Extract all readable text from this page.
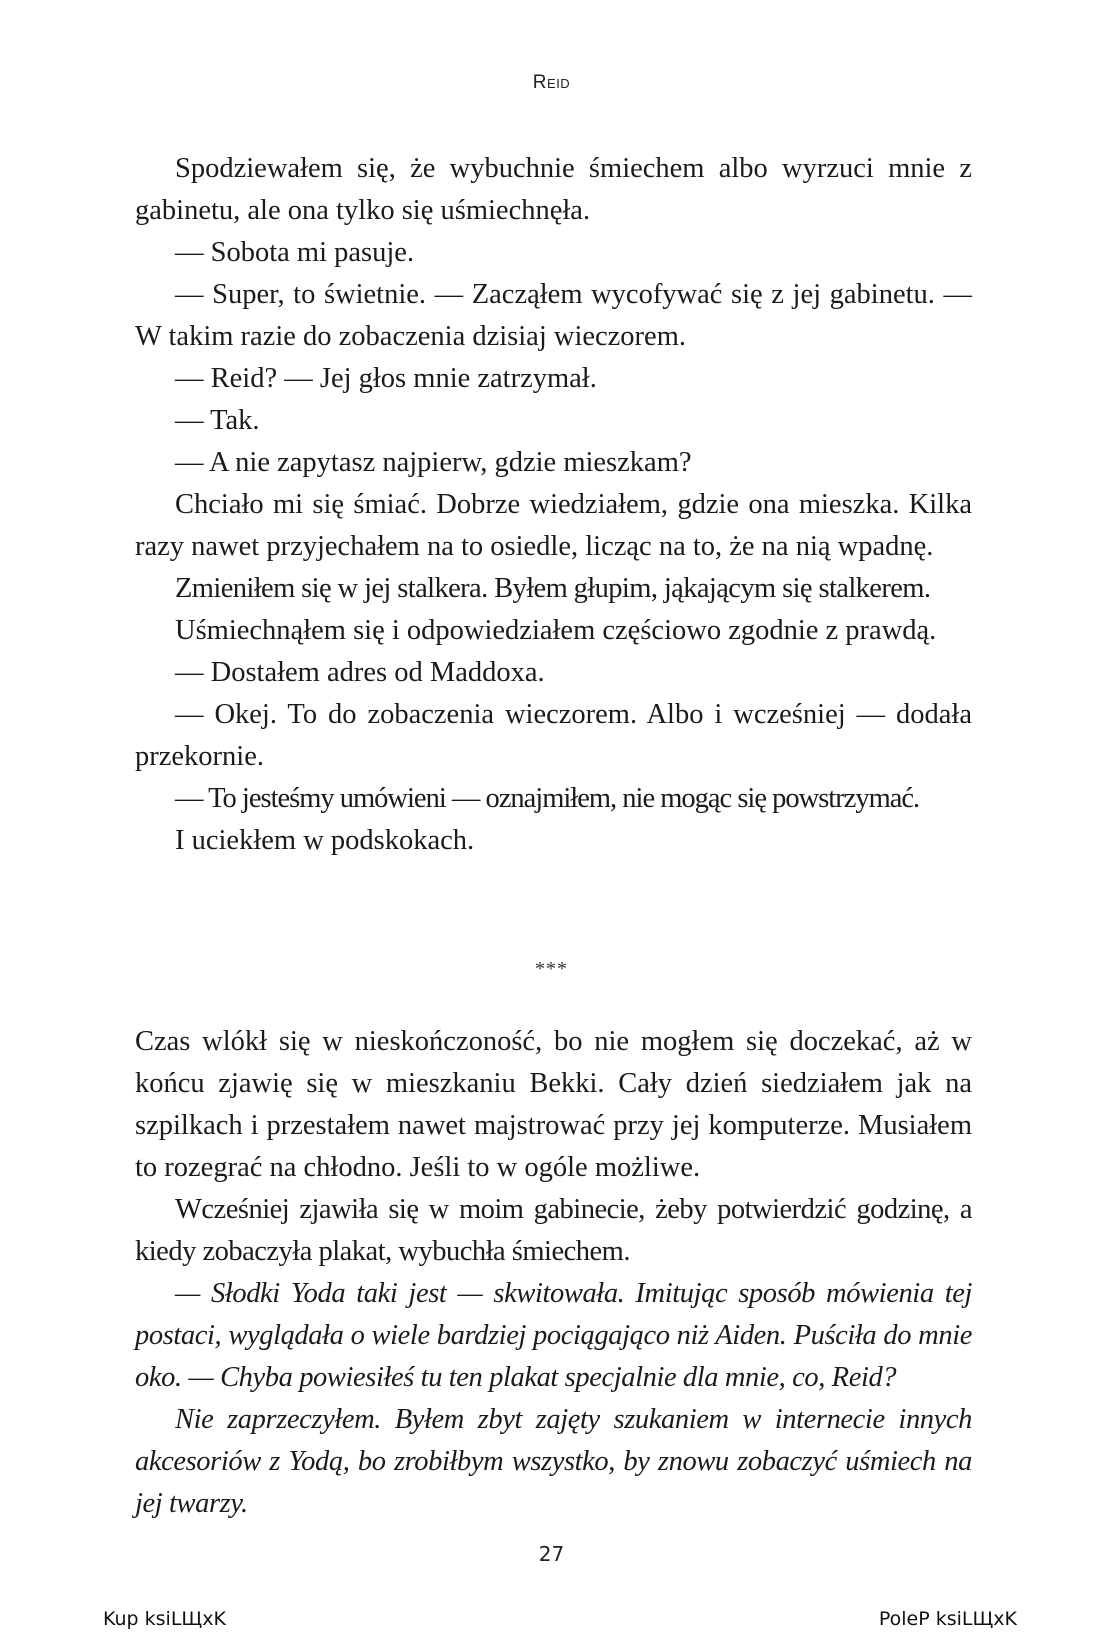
Reid

Spodziewałem się, że wybuchnie śmiechem albo wyrzuci mnie z gabinetu, ale ona tylko się uśmiechnęła.

— Sobota mi pasuje.

— Super, to świetnie. — Zacząłem wycofywać się z jej gabinetu. — W takim razie do zobaczenia dzisiaj wieczorem.

— Reid? — Jej głos mnie zatrzymał.

— Tak.

— A nie zapytasz najpierw, gdzie mieszkam?

Chciało mi się śmiać. Dobrze wiedziałem, gdzie ona mieszka. Kilka razy nawet przyjechałem na to osiedle, licząc na to, że na nią wpadnę.

Zmieniłem się w jej stalkera. Byłem głupim, jąkającym się stalkerem.

Uśmiechnąłem się i odpowiedziałem częściowo zgodnie z prawdą.

— Dostałem adres od Maddoxa.

— Okej. To do zobaczenia wieczorem. Albo i wcześniej — dodała przekornie.

— To jesteśmy umówieni — oznajmiłem, nie mogąc się powstrzymać.

I uciekłem w podskokach.

***

Czas wlókł się w nieskończoność, bo nie mogłem się doczekać, aż w końcu zjawię się w mieszkaniu Bekki. Cały dzień siedziałem jak na szpilkach i przestałem nawet majstrować przy jej komputerze. Musiałem to rozegrać na chłodno. Jeśli to w ogóle możliwe.

Wcześniej zjawiła się w moim gabinecie, żeby potwierdzić godzinę, a kiedy zobaczyła plakat, wybuchła śmiechem.

— Słodki Yoda taki jest — skwitowała. Imitując sposób mówienia tej postaci, wyglądała o wiele bardziej pociągająco niż Aiden. Puściła do mnie oko. — Chyba powiesiłeś tu ten plakat specjalnie dla mnie, co, Reid?

Nie zaprzeczyłem. Byłem zbyt zajęty szukaniem w internecie innych akcesoriów z Yodą, bo zrobiłbym wszystko, by znowu zobaczyć uśmiech na jej twarzy.

27
Kup ksiLЩxK	PoleP ksiLЩxK
